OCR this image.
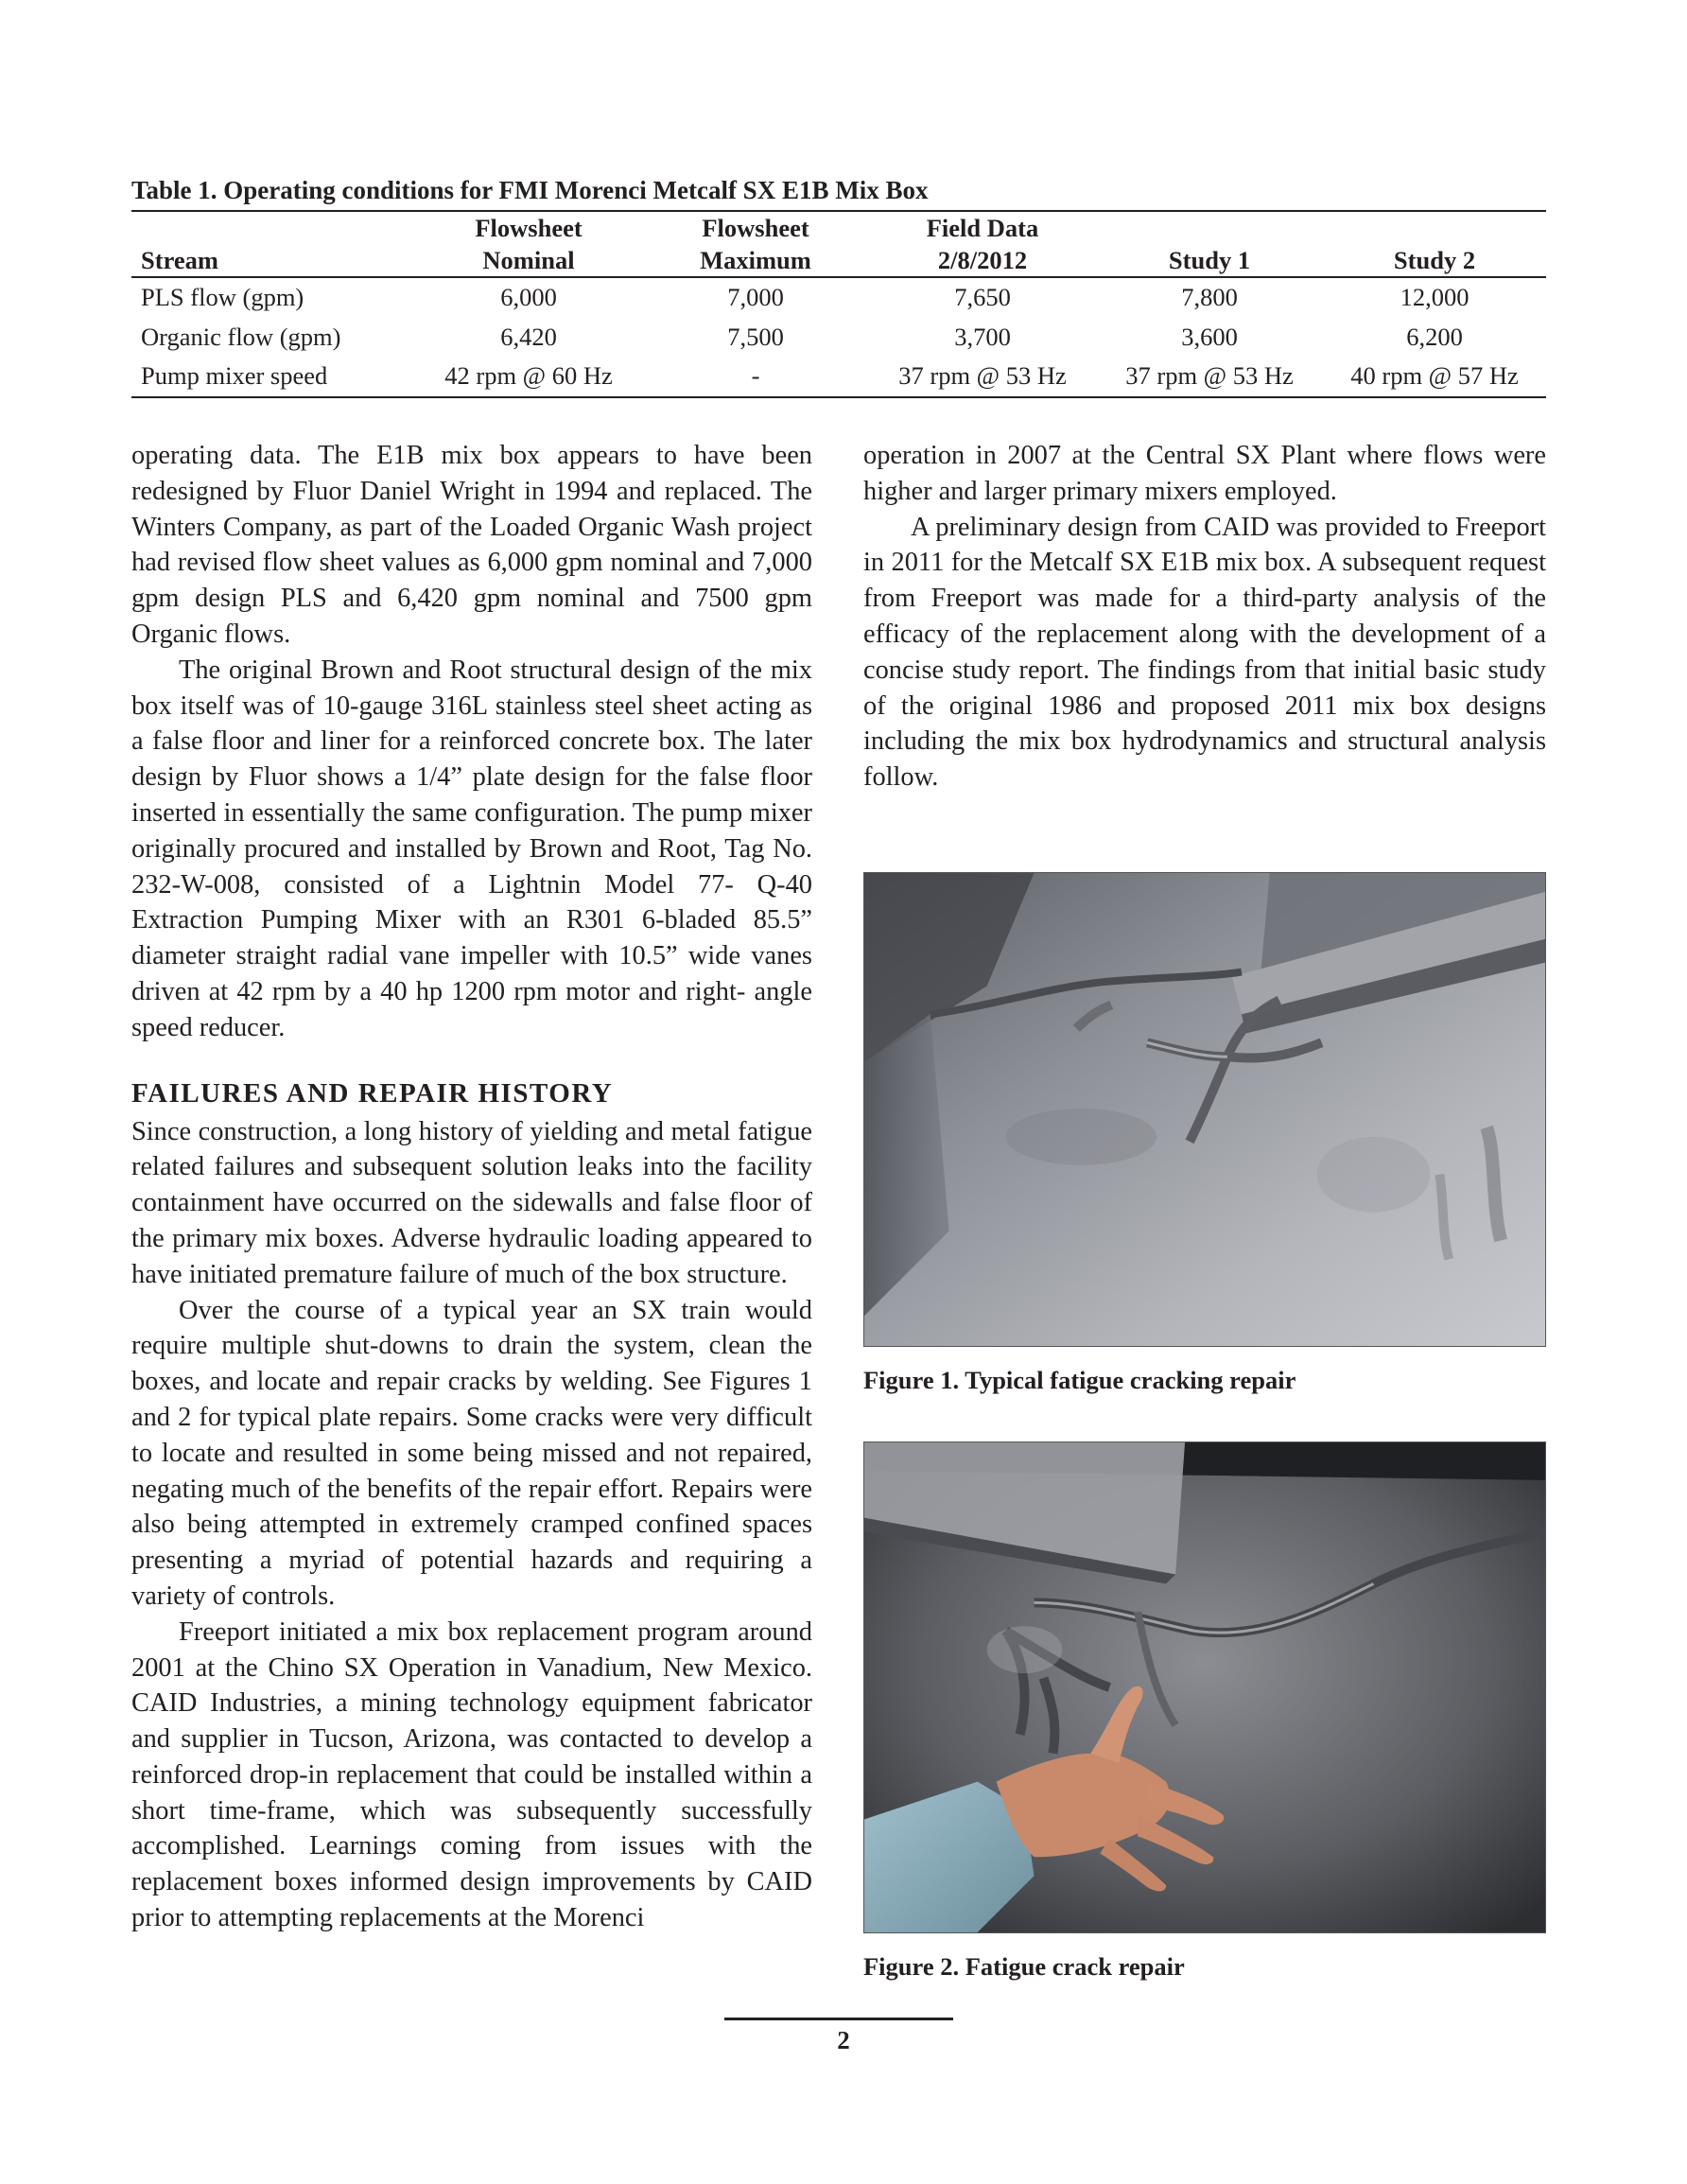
Table 1. Operating conditions for FMI Morenci Metcalf SX E1B Mix Box
	Flowsheet	Flowsheet	Field Data		
Stream	Nominal	Maximum	2/8/2012	Study 1	Study 2
PLS flow (gpm)	6,000	7,000	7,650	7,800	12,000
Organic flow (gpm)	6,420	7,500	3,700	3,600	6,200
Pump mixer speed	42 rpm @ 60 Hz	-	37 rpm @ 53 Hz	37 rpm @ 53 Hz	40 rpm @ 57 Hz

operating data. The E1B mix box appears to have been redesigned by Fluor Daniel Wright in 1994 and replaced. The Winters Company, as part of the Loaded Organic Wash project had revised flow sheet values as 6,000 gpm nominal and 7,000 gpm design PLS and 6,420 gpm nominal and 7500 gpm Organic flows.

The original Brown and Root structural design of the mix box itself was of 10-gauge 316L stainless steel sheet acting as a false floor and liner for a reinforced concrete box. The later design by Fluor shows a 1/4” plate design for the false floor inserted in essentially the same configuration. The pump mixer originally procured and installed by Brown and Root, Tag No. 232-W-008, consisted of a Lightnin Model 77- Q-40 Extraction Pumping Mixer with an R301 6-bladed 85.5” diameter straight radial vane impeller with 10.5” wide vanes driven at 42 rpm by a 40 hp 1200 rpm motor and right- angle speed reducer.

FAILURES AND REPAIR HISTORY

Since construction, a long history of yielding and metal fatigue related failures and subsequent solution leaks into the facility containment have occurred on the sidewalls and false floor of the primary mix boxes. Adverse hydraulic loading appeared to have initiated premature failure of much of the box structure.

Over the course of a typical year an SX train would require multiple shut-downs to drain the system, clean the boxes, and locate and repair cracks by welding. See Figures 1 and 2 for typical plate repairs. Some cracks were very difficult to locate and resulted in some being missed and not repaired, negating much of the benefits of the repair effort. Repairs were also being attempted in extremely cramped confined spaces presenting a myriad of potential hazards and requiring a variety of controls.

Freeport initiated a mix box replacement program around 2001 at the Chino SX Operation in Vanadium, New Mexico. CAID Industries, a mining technology equipment fabricator and supplier in Tucson, Arizona, was contacted to develop a reinforced drop-in replacement that could be installed within a short time-frame, which was subsequently successfully accomplished. Learnings coming from issues with the replacement boxes informed design improvements by CAID prior to attempting replacements at the Morenci

operation in 2007 at the Central SX Plant where flows were higher and larger primary mixers employed.

A preliminary design from CAID was provided to Freeport in 2011 for the Metcalf SX E1B mix box. A subsequent request from Freeport was made for a third-party analysis of the efficacy of the replacement along with the development of a concise study report. The findings from that initial basic study of the original 1986 and proposed 2011 mix box designs including the mix box hydrodynamics and structural analysis follow.

Figure 1. Typical fatigue cracking repair
Figure 2. Fatigue crack repair
2
